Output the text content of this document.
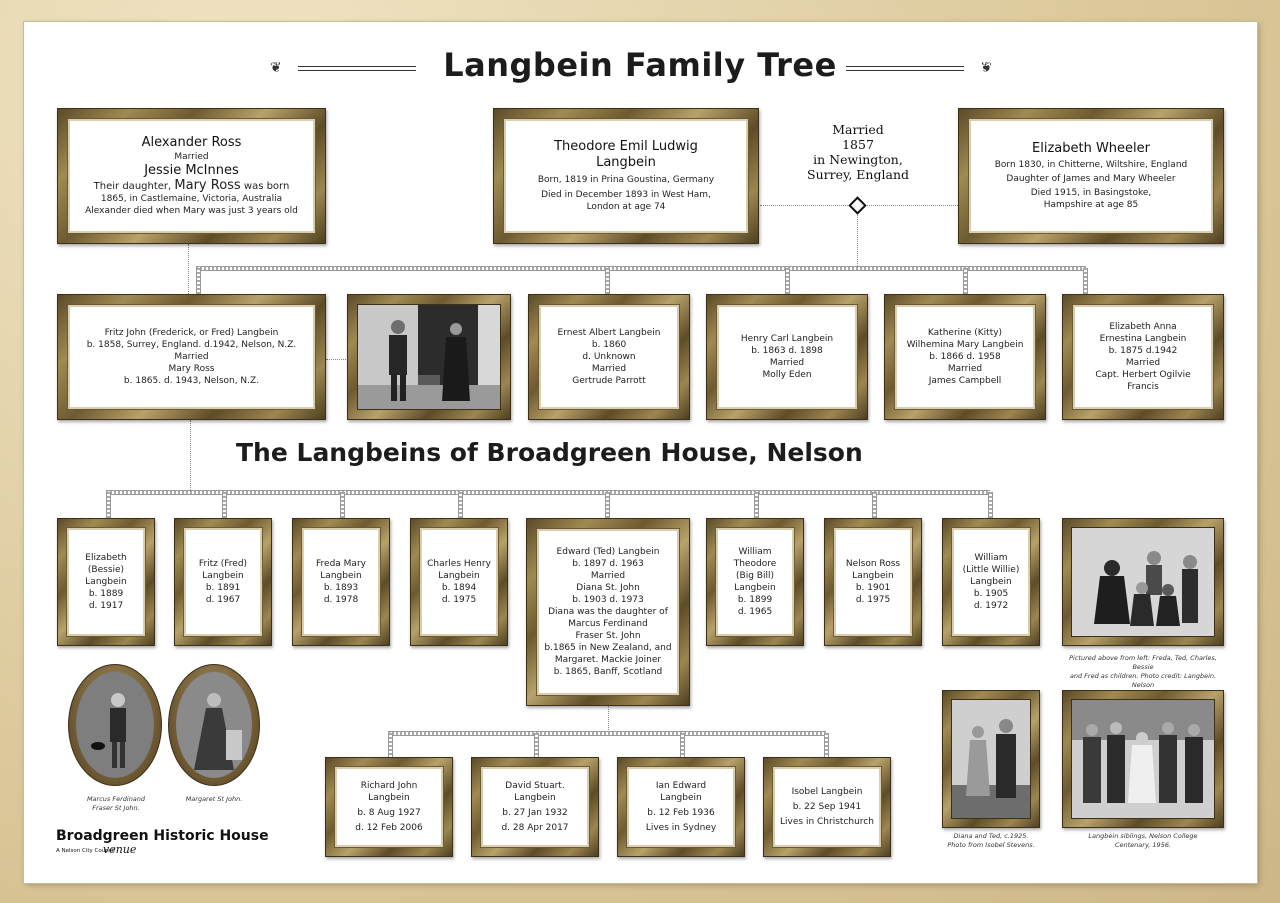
❦	Langbein Family Tree	❦
Alexander Ross
Married
Jessie McInnes
Their daughter, Mary Ross was born
1865, in Castlemaine, Victoria, Australia
Alexander died when Mary was just 3 years old
Theodore Emil Ludwig
Langbein
Born, 1819 in Prina Goustina, Germany
Died in December 1893 in West Ham,
London at age 74
Married
1857
in Newington,
Surrey, England
Elizabeth Wheeler
Born 1830, in Chitterne, Wiltshire, England
Daughter of James and Mary Wheeler
Died 1915, in Basingstoke,
Hampshire at age 85
Fritz John (Frederick, or Fred) Langbein
b. 1858, Surrey, England. d.1942, Nelson, N.Z.
Married
Mary Ross
b. 1865. d. 1943, Nelson, N.Z.
Ernest Albert Langbein
b. 1860
d. Unknown
Married
Gertrude Parrott
Henry Carl Langbein
b. 1863 d. 1898
Married
Molly Eden
Katherine (Kitty)
Wilhemina Mary Langbein
b. 1866 d. 1958
Married
James Campbell
Elizabeth Anna
Ernestina Langbein
b. 1875 d.1942
Married
Capt. Herbert Ogilvie
Francis
The Langbeins of Broadgreen House, Nelson
Elizabeth
(Bessie)
Langbein
b. 1889
d. 1917
Fritz (Fred)
Langbein
b. 1891
d. 1967
Freda Mary
Langbein
b. 1893
d. 1978
Charles Henry
Langbein
b. 1894
d. 1975
Edward (Ted) Langbein
b. 1897 d. 1963
Married
Diana St. John
b. 1903 d. 1973
Diana was the daughter of
Marcus Ferdinand
Fraser St. John
b.1865 in New Zealand, and
Margaret. Mackie Joiner
b. 1865, Banff, Scotland
William
Theodore
(Big Bill)
Langbein
b. 1899
d. 1965
Nelson Ross
Langbein
b. 1901
d. 1975
William
(Little Willie)
Langbein
b. 1905
d. 1972
Pictured above from left: Freda, Ted, Charles, Bessie
and Fred as children. Photo credit: Langbein. Nelson
Marcus Ferdinand
Fraser St John.
Margaret St John.
Richard John
Langbein
b. 8 Aug 1927
d. 12 Feb 2006
David Stuart.
Langbein
b. 27 Jan 1932
d. 28 Apr 2017
Ian Edward
Langbein
b. 12 Feb 1936
Lives in Sydney
Isobel Langbein
b. 22 Sep 1941
Lives in Christchurch
Diana and Ted, c.1925.
Photo from Isobel Stevens.
Langbein siblings, Nelson College
Centenary, 1956.
Broadgreen Historic House
A Nelson City Council
venue
